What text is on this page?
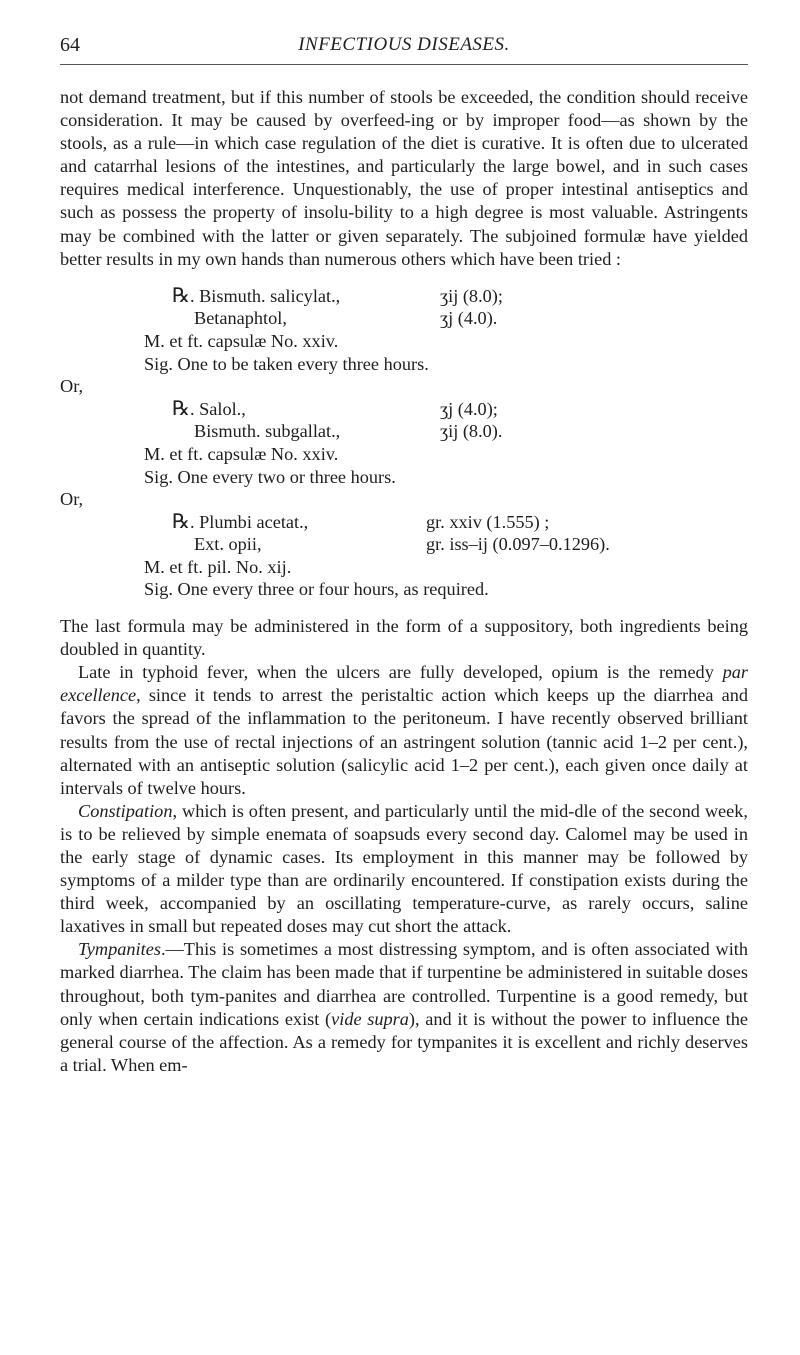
64	INFECTIOUS DISEASES.

not demand treatment, but if this number of stools be exceeded, the condition should receive consideration. It may be caused by overfeed-ing or by improper food—as shown by the stools, as a rule—in which case regulation of the diet is curative. It is often due to ulcerated and catarrhal lesions of the intestines, and particularly the large bowel, and in such cases requires medical interference. Unquestionably, the use of proper intestinal antiseptics and such as possess the property of insolu-bility to a high degree is most valuable. Astringents may be combined with the latter or given separately. The subjoined formulæ have yielded better results in my own hands than numerous others which have been tried :

℞. Bismuth. salicylat.,	ʒij (8.0);
Betanaphtol,	ʒj (4.0).
M. et ft. capsulæ No. xxiv.
Sig. One to be taken every three hours.
Or,
℞. Salol.,	ʒj (4.0);
Bismuth. subgallat.,	ʒij (8.0).
M. et ft. capsulæ No. xxiv.
Sig. One every two or three hours.
Or,
℞. Plumbi acetat.,	gr. xxiv (1.555) ;
Ext. opii,	gr. iss–ij (0.097–0.1296).
M. et ft. pil. No. xij.
Sig. One every three or four hours, as required.

The last formula may be administered in the form of a suppository, both ingredients being doubled in quantity.

Late in typhoid fever, when the ulcers are fully developed, opium is the remedy par excellence, since it tends to arrest the peristaltic action which keeps up the diarrhea and favors the spread of the inflammation to the peritoneum. I have recently observed brilliant results from the use of rectal injections of an astringent solution (tannic acid 1–2 per cent.), alternated with an antiseptic solution (salicylic acid 1–2 per cent.), each given once daily at intervals of twelve hours.

Constipation, which is often present, and particularly until the mid-dle of the second week, is to be relieved by simple enemata of soapsuds every second day. Calomel may be used in the early stage of dynamic cases. Its employment in this manner may be followed by symptoms of a milder type than are ordinarily encountered. If constipation exists during the third week, accompanied by an oscillating temperature-curve, as rarely occurs, saline laxatives in small but repeated doses may cut short the attack.

Tympanites.—This is sometimes a most distressing symptom, and is often associated with marked diarrhea. The claim has been made that if turpentine be administered in suitable doses throughout, both tym-panites and diarrhea are controlled. Turpentine is a good remedy, but only when certain indications exist (vide supra), and it is without the power to influence the general course of the affection. As a remedy for tympanites it is excellent and richly deserves a trial. When em-
